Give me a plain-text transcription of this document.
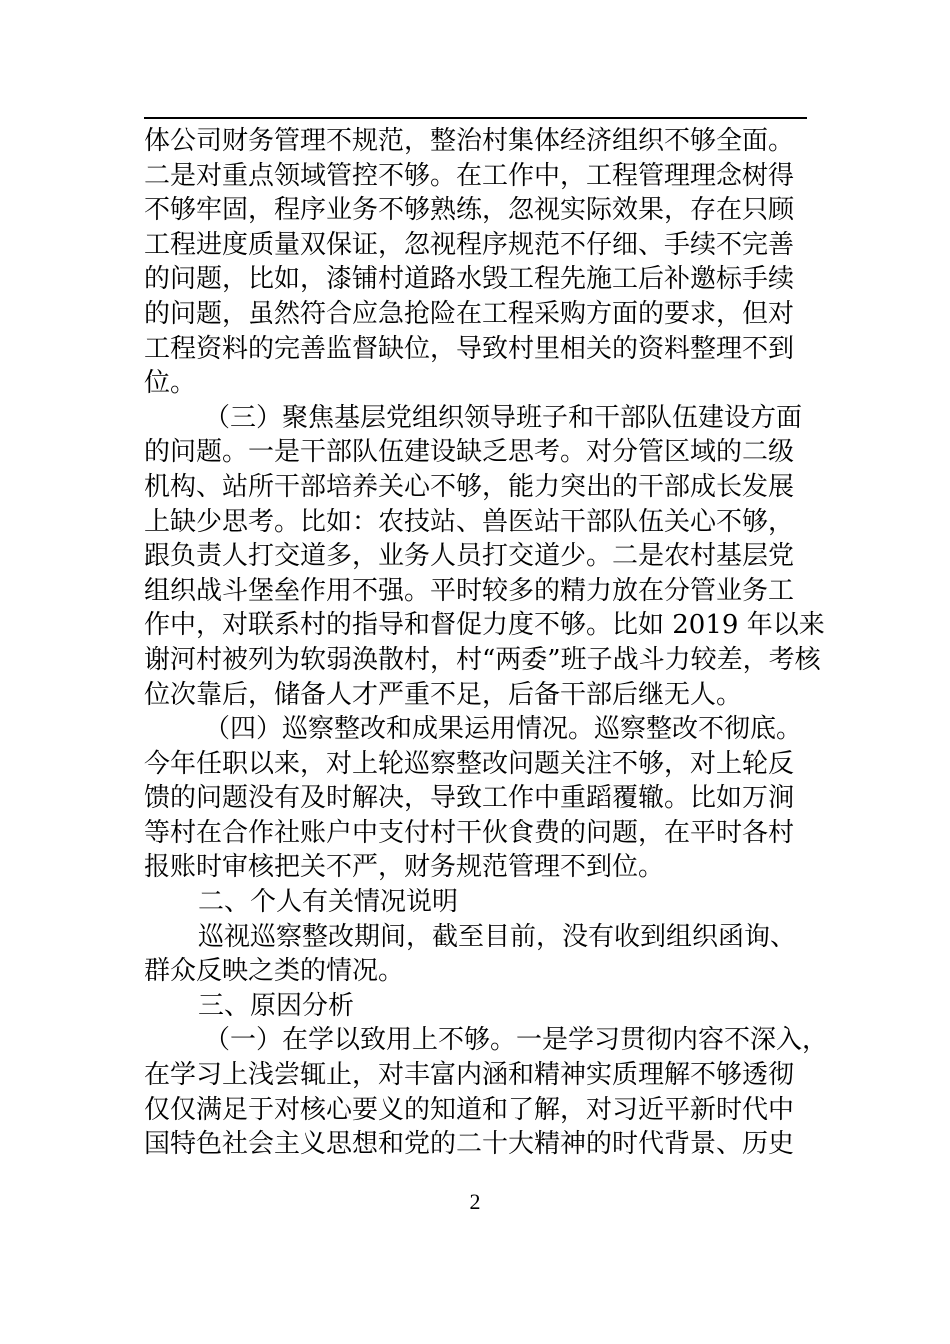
体公司财务管理不规范，整治村集体经济组织不够全面。
二是对重点领域管控不够。在工作中，工程管理理念树得
不够牢固，程序业务不够熟练，忽视实际效果，存在只顾
工程进度质量双保证，忽视程序规范不仔细、手续不完善
的问题，比如，漆铺村道路水毁工程先施工后补邀标手续
的问题，虽然符合应急抢险在工程采购方面的要求，但对
工程资料的完善监督缺位，导致村里相关的资料整理不到
位。
（三）聚焦基层党组织领导班子和干部队伍建设方面
的问题。一是干部队伍建设缺乏思考。对分管区域的二级
机构、站所干部培养关心不够，能力突出的干部成长发展
上缺少思考。比如：农技站、兽医站干部队伍关心不够，
跟负责人打交道多，业务人员打交道少。二是农村基层党
组织战斗堡垒作用不强。平时较多的精力放在分管业务工
作中，对联系村的指导和督促力度不够。比如 2019 年以来
谢河村被列为软弱涣散村，村“两委”班子战斗力较差，考核
位次靠后，储备人才严重不足，后备干部后继无人。
（四）巡察整改和成果运用情况。巡察整改不彻底。
今年任职以来，对上轮巡察整改问题关注不够，对上轮反
馈的问题没有及时解决，导致工作中重蹈覆辙。比如万涧
等村在合作社账户中支付村干伙食费的问题，在平时各村
报账时审核把关不严，财务规范管理不到位。
二、个人有关情况说明
巡视巡察整改期间，截至目前，没有收到组织函询、
群众反映之类的情况。
三、原因分析
（一）在学以致用上不够。一是学习贯彻内容不深入，
在学习上浅尝辄止，对丰富内涵和精神实质理解不够透彻
仅仅满足于对核心要义的知道和了解，对习近平新时代中
国特色社会主义思想和党的二十大精神的时代背景、历史
2
